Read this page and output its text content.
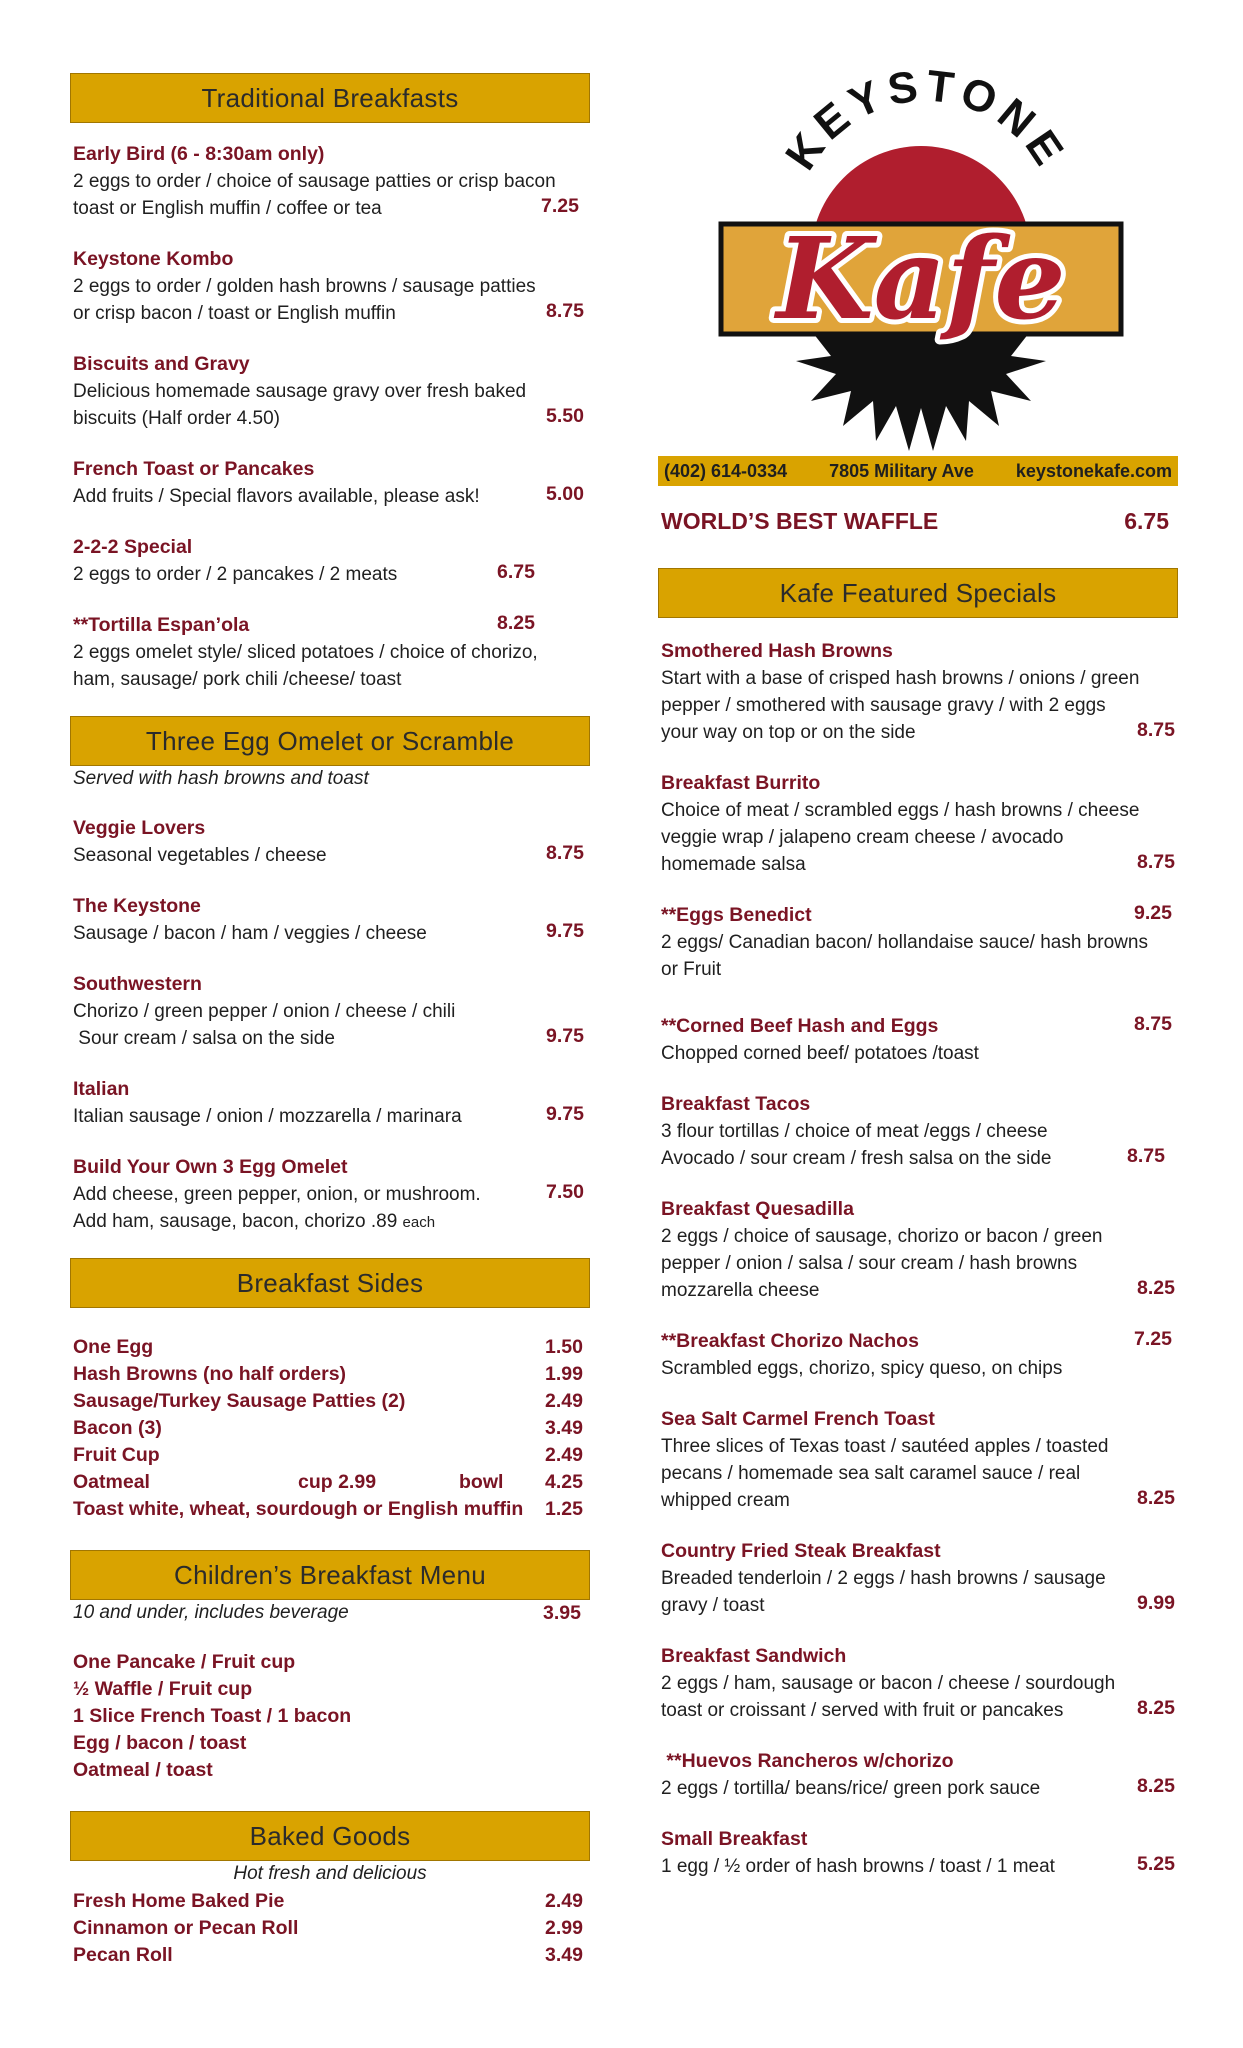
Traditional Breakfasts
Early Bird (6 - 8:30am only)
2 eggs to order / choice of sausage patties or crisp bacon
toast or English muffin / coffee or tea	7.25
Keystone Kombo
2 eggs to order / golden hash browns / sausage patties
or crisp bacon / toast or English muffin	8.75
Biscuits and Gravy
Delicious homemade sausage gravy over fresh baked
biscuits (Half order 4.50)	5.50
French Toast or Pancakes
Add fruits / Special flavors available, please ask!	5.00
2-2-2 Special
2 eggs to order / 2 pancakes / 2 meats	6.75
**Tortilla Espan’ola	8.25
2 eggs omelet style/ sliced potatoes / choice of chorizo,
ham, sausage/ pork chili /cheese/ toast
Three Egg Omelet or Scramble
Served with hash browns and toast
Veggie Lovers
Seasonal vegetables / cheese	8.75
The Keystone
Sausage / bacon / ham / veggies / cheese	9.75
Southwestern
Chorizo / green pepper / onion / cheese / chili
Sour cream / salsa on the side	9.75
Italian
Italian sausage / onion / mozzarella / marinara	9.75
Build Your Own 3 Egg Omelet
Add cheese, green pepper, onion, or mushroom.	7.50
Add ham, sausage, bacon, chorizo .89 each
Breakfast Sides
One Egg	1.50
Hash Browns (no half orders)	1.99
Sausage/Turkey Sausage Patties (2)	2.49
Bacon (3)	3.49
Fruit Cup	2.49
Oatmeal	cup 2.99	bowl 4.25
Toast white, wheat, sourdough or English muffin 1.25
Children’s Breakfast Menu
10 and under, includes beverage	3.95
One Pancake / Fruit cup
½ Waffle / Fruit cup
1 Slice French Toast / 1 bacon
Egg / bacon / toast
Oatmeal / toast
Baked Goods
Hot fresh and delicious
Fresh Home Baked Pie	2.49
Cinnamon or Pecan Roll	2.99
Pecan Roll	3.49
KEYSTONE
Kafe
(402) 614-0334 7805 Military Ave keystonekafe.com
WORLD’S BEST WAFFLE	6.75
Kafe Featured Specials
Smothered Hash Browns
Start with a base of crisped hash browns / onions / green
pepper / smothered with sausage gravy / with 2 eggs
your way on top or on the side	8.75
Breakfast Burrito
Choice of meat / scrambled eggs / hash browns / cheese
veggie wrap / jalapeno cream cheese / avocado
homemade salsa	8.75
**Eggs Benedict	9.25
2 eggs/ Canadian bacon/ hollandaise sauce/ hash browns
or Fruit
**Corned Beef Hash and Eggs	8.75
Chopped corned beef/ potatoes /toast
Breakfast Tacos
3 flour tortillas / choice of meat /eggs / cheese
Avocado / sour cream / fresh salsa on the side	8.75
Breakfast Quesadilla
2 eggs / choice of sausage, chorizo or bacon / green
pepper / onion / salsa / sour cream / hash browns
mozzarella cheese	8.25
**Breakfast Chorizo Nachos	7.25
Scrambled eggs, chorizo, spicy queso, on chips
Sea Salt Carmel French Toast
Three slices of Texas toast / sautéed apples / toasted
pecans / homemade sea salt caramel sauce / real
whipped cream	8.25
Country Fried Steak Breakfast
Breaded tenderloin / 2 eggs / hash browns / sausage
gravy / toast	9.99
Breakfast Sandwich
2 eggs / ham, sausage or bacon / cheese / sourdough
toast or croissant / served with fruit or pancakes	8.25
**Huevos Rancheros w/chorizo
2 eggs / tortilla/ beans/rice/ green pork sauce	8.25
Small Breakfast
1 egg / ½ order of hash browns / toast / 1 meat	5.25
